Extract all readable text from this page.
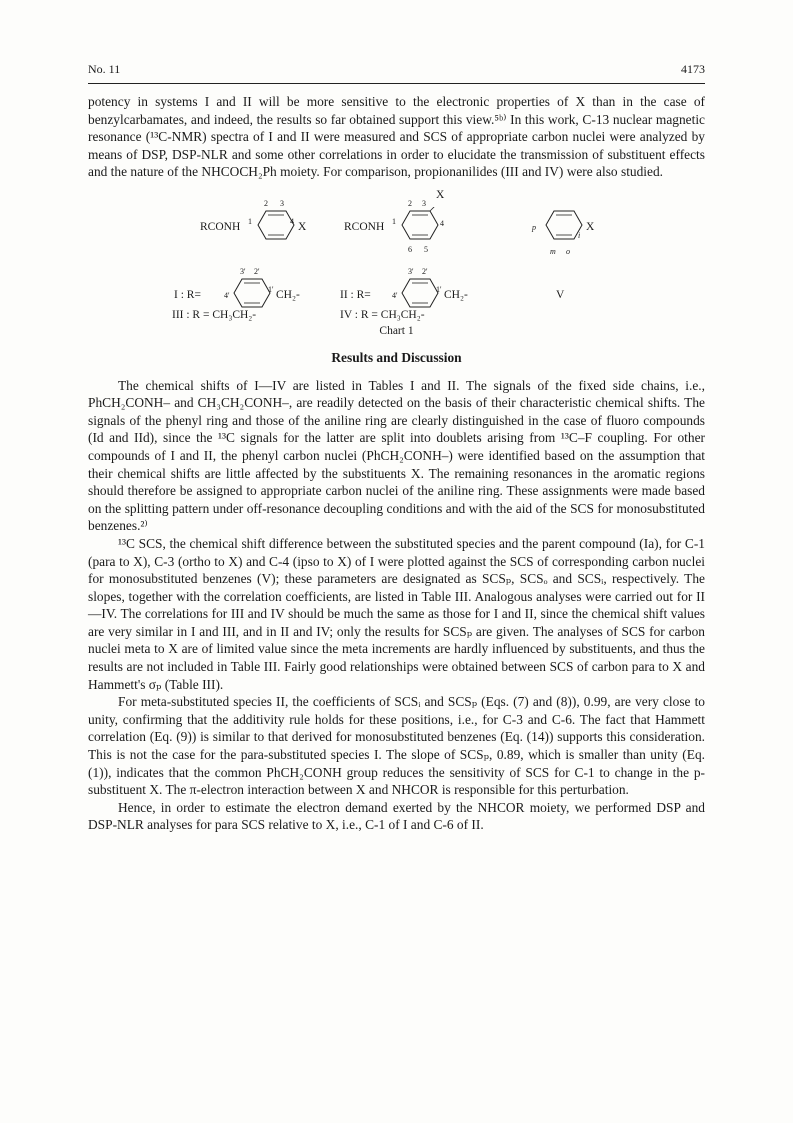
No. 11	4173

potency in systems I and II will be more sensitive to the electronic properties of X than in the case of benzylcarbamates, and indeed, the results so far obtained support this view.⁵ᵇ⁾ In this work, C-13 nuclear magnetic resonance (¹³C-NMR) spectra of I and II were measured and SCS of appropriate carbon nuclei were analyzed by means of DSP, DSP-NLR and some other correlations in order to elucidate the transmission of substituent effects and the nature of the NHCOCH₂Ph moiety. For comparison, propionanilides (III and IV) were also studied.

RCONH	X
2 3
1	4	RCONH
X
2 3
1	4
6 5
X
p
i
m o
I : R=	CH₂-
3' 2'
4'
1'	II : R=	CH₂-
3' 2'
4'
1'	V
III : R = CH₃CH₂-	IV : R = CH₃CH₂-
Chart 1
Results and Discussion

The chemical shifts of I—IV are listed in Tables I and II. The signals of the fixed side chains, i.e., PhCH₂CONH– and CH₃CH₂CONH–, are readily detected on the basis of their characteristic chemical shifts. The signals of the phenyl ring and those of the aniline ring are clearly distinguished in the case of fluoro compounds (Id and IId), since the ¹³C signals for the latter are split into doublets arising from ¹³C–F coupling. For other compounds of I and II, the phenyl carbon nuclei (PhCH₂CONH–) were identified based on the assumption that their chemical shifts are little affected by the substituents X. The remaining resonances in the aromatic regions should therefore be assigned to appropriate carbon nuclei of the aniline ring. These assignments were made based on the splitting pattern under off-resonance decoupling conditions and with the aid of the SCS for monosubstituted benzenes.²⁾

¹³C SCS, the chemical shift difference between the substituted species and the parent compound (Ia), for C-1 (para to X), C-3 (ortho to X) and C-4 (ipso to X) of I were plotted against the SCS of corresponding carbon nuclei for monosubstituted benzenes (V); these parameters are designated as SCSₚ, SCSₒ and SCSᵢ, respectively. The slopes, together with the correlation coefficients, are listed in Table III. Analogous analyses were carried out for II—IV. The correlations for III and IV should be much the same as those for I and II, since the chemical shift values are very similar in I and III, and in II and IV; only the results for SCSₚ are given. The analyses of SCS for carbon nuclei meta to X are of limited value since the meta increments are hardly influenced by substituents, and thus the results are not included in Table III. Fairly good relationships were obtained between SCS of carbon para to X and Hammett's σₚ (Table III).

For meta-substituted species II, the coefficients of SCSᵢ and SCSₚ (Eqs. (7) and (8)), 0.99, are very close to unity, confirming that the additivity rule holds for these positions, i.e., for C-3 and C-6. The fact that Hammett correlation (Eq. (9)) is similar to that derived for monosubstituted benzenes (Eq. (14)) supports this consideration. This is not the case for the para-substituted species I. The slope of SCSₚ, 0.89, which is smaller than unity (Eq. (1)), indicates that the common PhCH₂CONH group reduces the sensitivity of SCS for C-1 to change in the p-substituent X. The π-electron interaction between X and NHCOR is responsible for this perturbation.

Hence, in order to estimate the electron demand exerted by the NHCOR moiety, we performed DSP and DSP-NLR analyses for para SCS relative to X, i.e., C-1 of I and C-6 of II.
